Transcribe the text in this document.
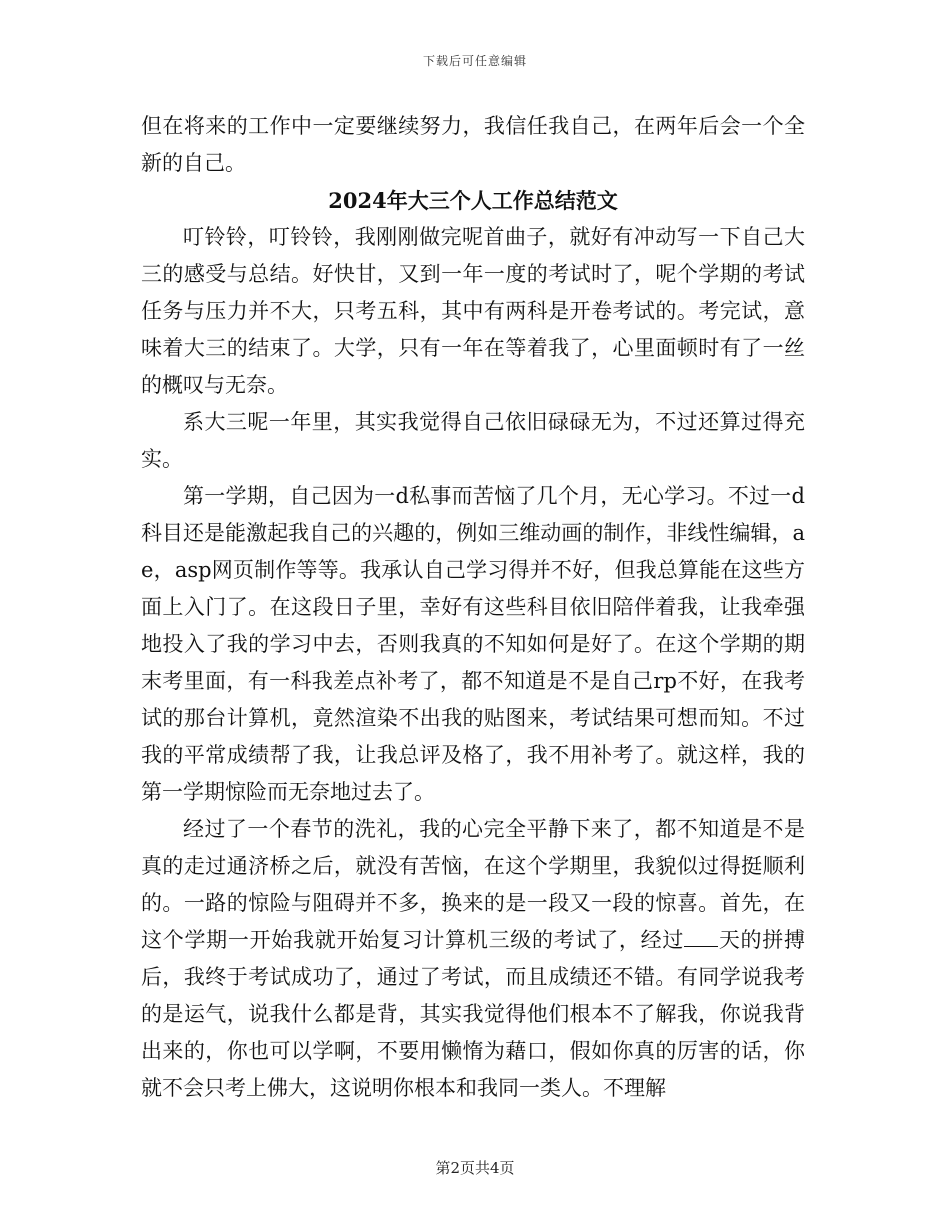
下载后可任意编辑

但在将来的工作中一定要继续努力，我信任我自己，在两年后会一个全新的自己。

2024年大三个人工作总结范文

叮铃铃，叮铃铃，我刚刚做完呢首曲子，就好有冲动写一下自己大三的感受与总结。好快甘，又到一年一度的考试时了，呢个学期的考试任务与压力并不大，只考五科，其中有两科是开卷考试的。考完试，意味着大三的结束了。大学，只有一年在等着我了，心里面顿时有了一丝的概叹与无奈。

系大三呢一年里，其实我觉得自己依旧碌碌无为，不过还算过得充实。

第一学期，自己因为一d私事而苦恼了几个月，无心学习。不过一d科目还是能激起我自己的兴趣的，例如三维动画的制作，非线性编辑，ae，asp网页制作等等。我承认自己学习得并不好，但我总算能在这些方面上入门了。在这段日子里，幸好有这些科目依旧陪伴着我，让我牵强地投入了我的学习中去，否则我真的不知如何是好了。在这个学期的期末考里面，有一科我差点补考了，都不知道是不是自己rp不好，在我考试的那台计算机，竟然渲染不出我的贴图来，考试结果可想而知。不过我的平常成绩帮了我，让我总评及格了，我不用补考了。就这样，我的第一学期惊险而无奈地过去了。

经过了一个春节的洗礼，我的心完全平静下来了，都不知道是不是真的走过通济桥之后，就没有苦恼，在这个学期里，我貌似过得挺顺利的。一路的惊险与阻碍并不多，换来的是一段又一段的惊喜。首先，在这个学期一开始我就开始复习计算机三级的考试了，经过 天的拼搏后，我终于考试成功了，通过了考试，而且成绩还不错。有同学说我考的是运气，说我什么都是背，其实我觉得他们根本不了解我，你说我背出来的，你也可以学啊，不要用懒惰为藉口，假如你真的厉害的话，你就不会只考上佛大，这说明你根本和我同一类人。不理解

第2页共4页
